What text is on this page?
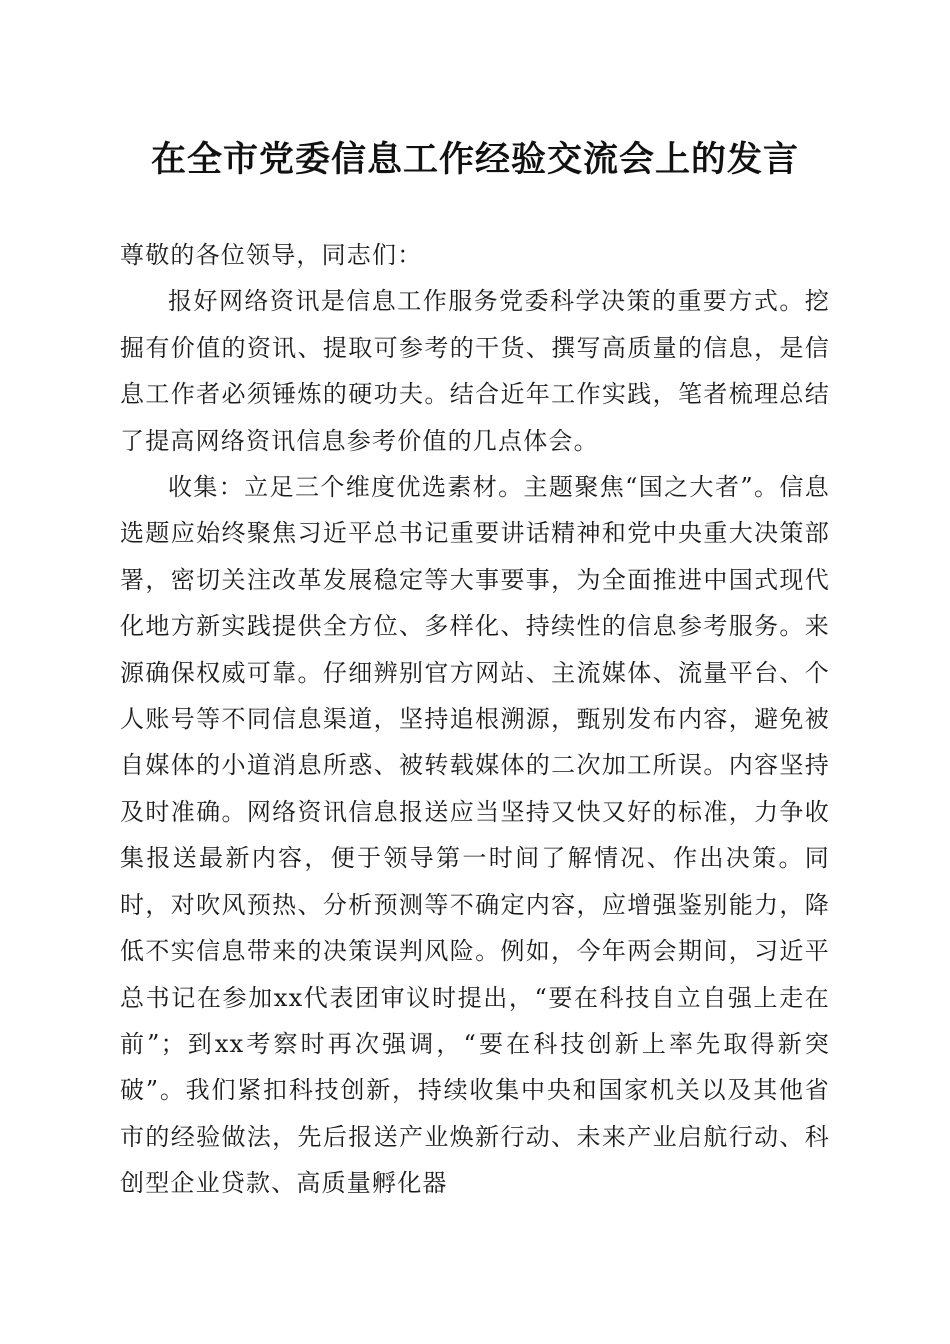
在全市党委信息工作经验交流会上的发言

尊敬的各位领导，同志们：

报好网络资讯是信息工作服务党委科学决策的重要方式。挖掘有价值的资讯、提取可参考的干货、撰写高质量的信息，是信息工作者必须锤炼的硬功夫。结合近年工作实践，笔者梳理总结了提高网络资讯信息参考价值的几点体会。

收集：立足三个维度优选素材。主题聚焦“国之大者”。信息选题应始终聚焦习近平总书记重要讲话精神和党中央重大决策部署，密切关注改革发展稳定等大事要事，为全面推进中国式现代化地方新实践提供全方位、多样化、持续性的信息参考服务。来源确保权威可靠。仔细辨别官方网站、主流媒体、流量平台、个人账号等不同信息渠道，坚持追根溯源，甄别发布内容，避免被自媒体的小道消息所惑、被转载媒体的二次加工所误。内容坚持及时准确。网络资讯信息报送应当坚持又快又好的标准，力争收集报送最新内容，便于领导第一时间了解情况、作出决策。同时，对吹风预热、分析预测等不确定内容，应增强鉴别能力，降低不实信息带来的决策误判风险。例如，今年两会期间，习近平总书记在参加xx代表团审议时提出，“要在科技自立自强上走在前”；到xx考察时再次强调，“要在科技创新上率先取得新突破”。我们紧扣科技创新，持续收集中央和国家机关以及其他省市的经验做法，先后报送产业焕新行动、未来产业启航行动、科创型企业贷款、高质量孵化器
